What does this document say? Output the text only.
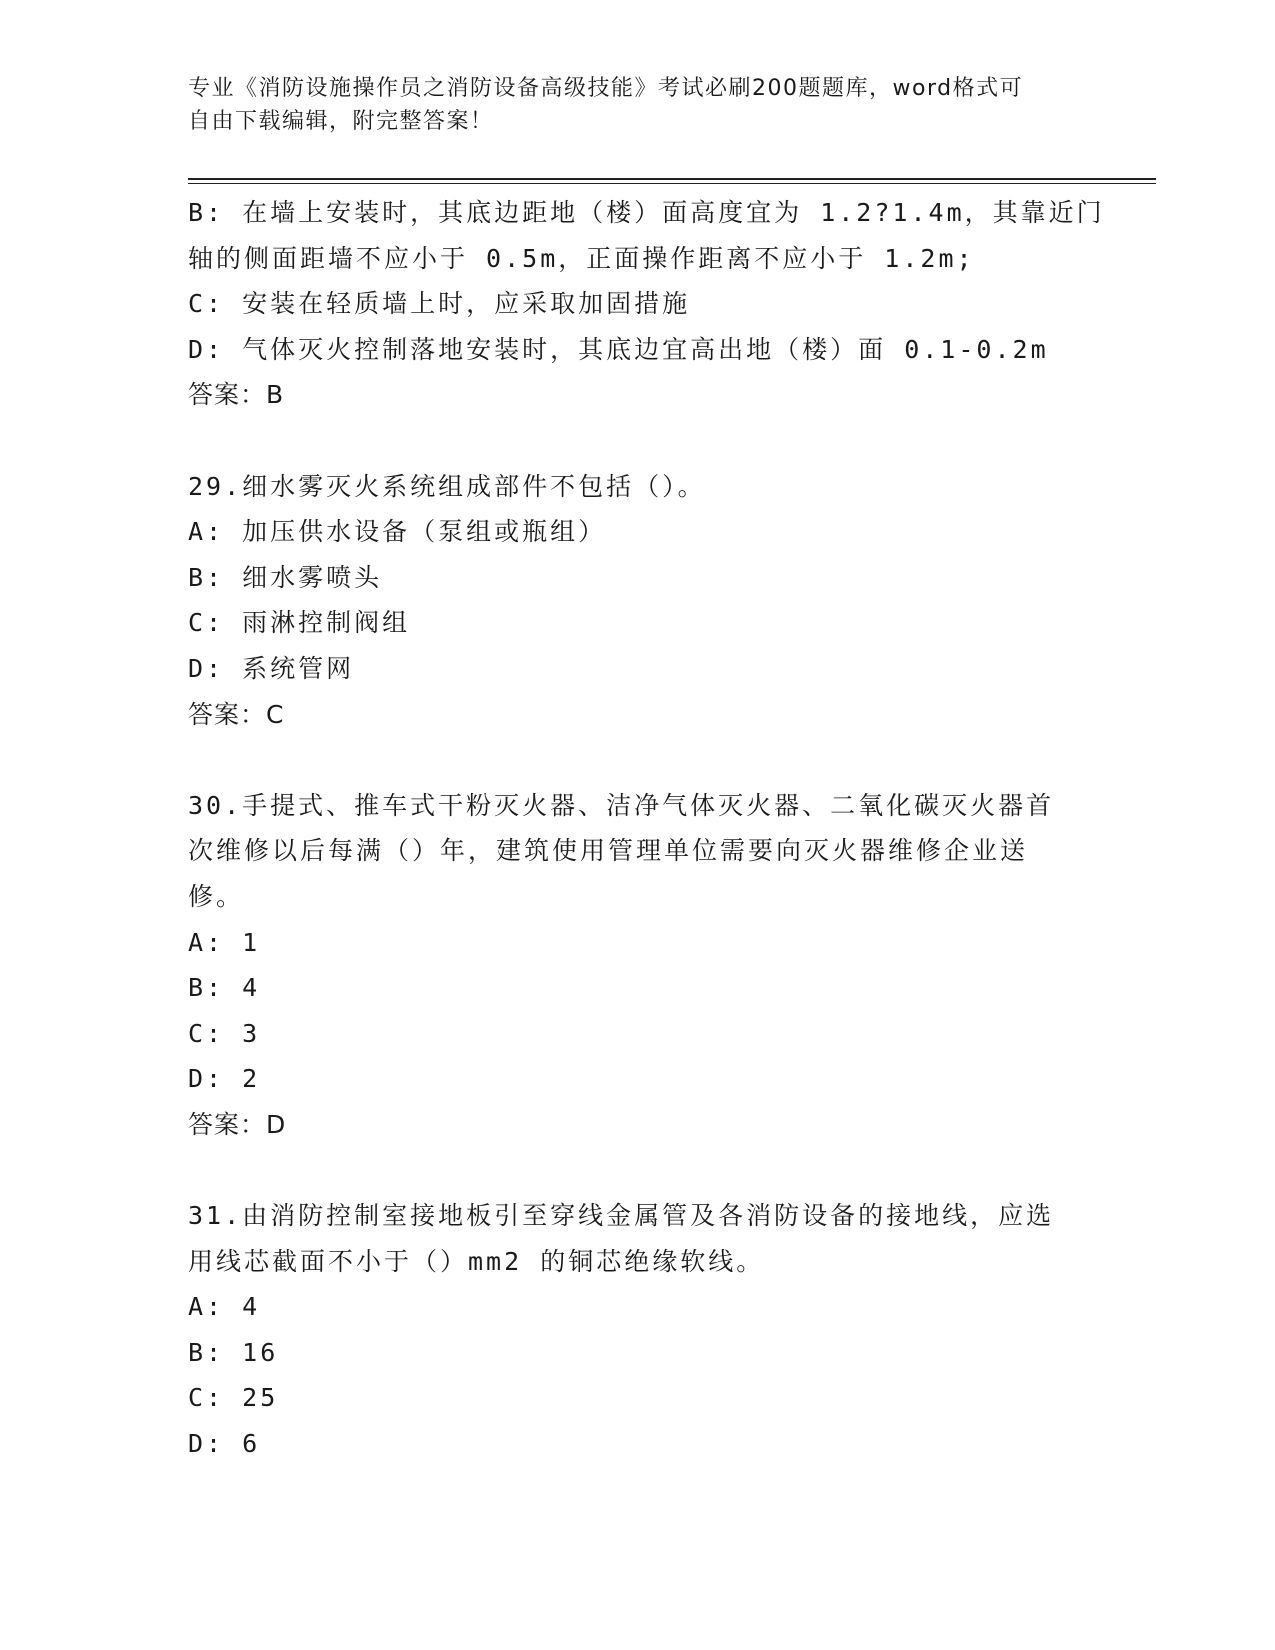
专业《消防设施操作员之消防设备高级技能》考试必刷200题题库，word格式可
自由下载编辑，附完整答案！
B: 在墙上安装时，其底边距地（楼）面高度宜为 1.2?1.4m，其靠近门
轴的侧面距墙不应小于 0.5m，正面操作距离不应小于 1.2m;
C: 安装在轻质墙上时，应采取加固措施
D: 气体灭火控制落地安装时，其底边宜高出地（楼）面 0.1-0.2m
答案：B
29.细水雾灭火系统组成部件不包括（）。
A: 加压供水设备（泵组或瓶组）
B: 细水雾喷头
C: 雨淋控制阀组
D: 系统管网
答案：C
30.手提式、推车式干粉灭火器、洁净气体灭火器、二氧化碳灭火器首
次维修以后每满（）年，建筑使用管理单位需要向灭火器维修企业送
修。
A: 1
B: 4
C: 3
D: 2
答案：D
31.由消防控制室接地板引至穿线金属管及各消防设备的接地线，应选
用线芯截面不小于（）mm2 的铜芯绝缘软线。
A: 4
B: 16
C: 25
D: 6
